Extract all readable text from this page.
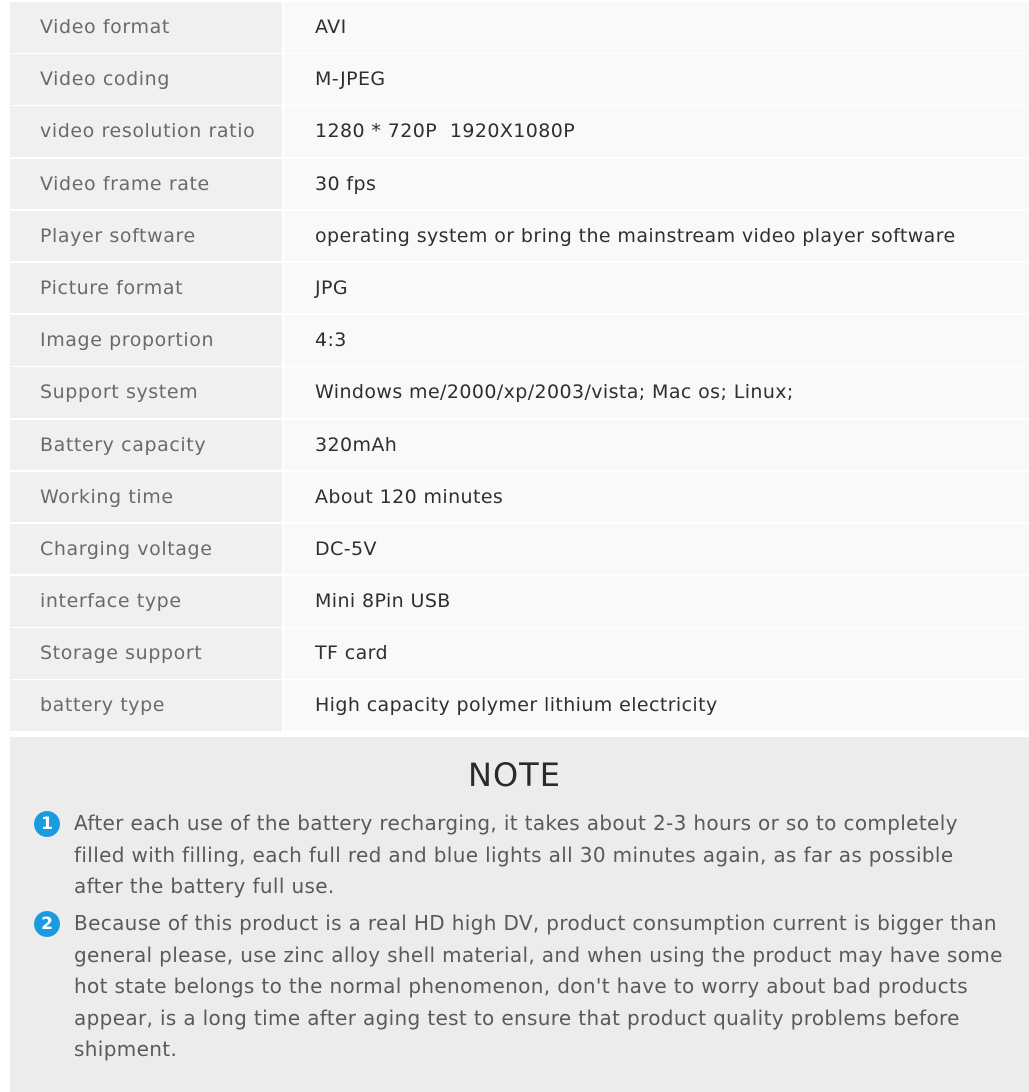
Video format	AVI
Video coding	M-JPEG
video resolution ratio	1280 * 720P  1920X1080P
Video frame rate	30 fps
Player software	operating system or bring the mainstream video player software
Picture format	JPG
Image proportion	4:3
Support system	Windows me/2000/xp/2003/vista; Mac os; Linux;
Battery capacity	320mAh
Working time	About 120 minutes
Charging voltage	DC-5V
interface type	Mini 8Pin USB
Storage support	TF card
battery type	High capacity polymer lithium electricity
NOTE
1	After each use of the battery recharging, it takes about 2-3 hours or so to completely filled with filling, each full red and blue lights all 30 minutes again, as far as possible after the battery full use.
2	Because of this product is a real HD high DV, product consumption current is bigger than general please, use zinc alloy shell material, and when using the product may have some hot state belongs to the normal phenomenon, don't have to worry about bad products appear, is a long time after aging test to ensure that product quality problems before shipment.
